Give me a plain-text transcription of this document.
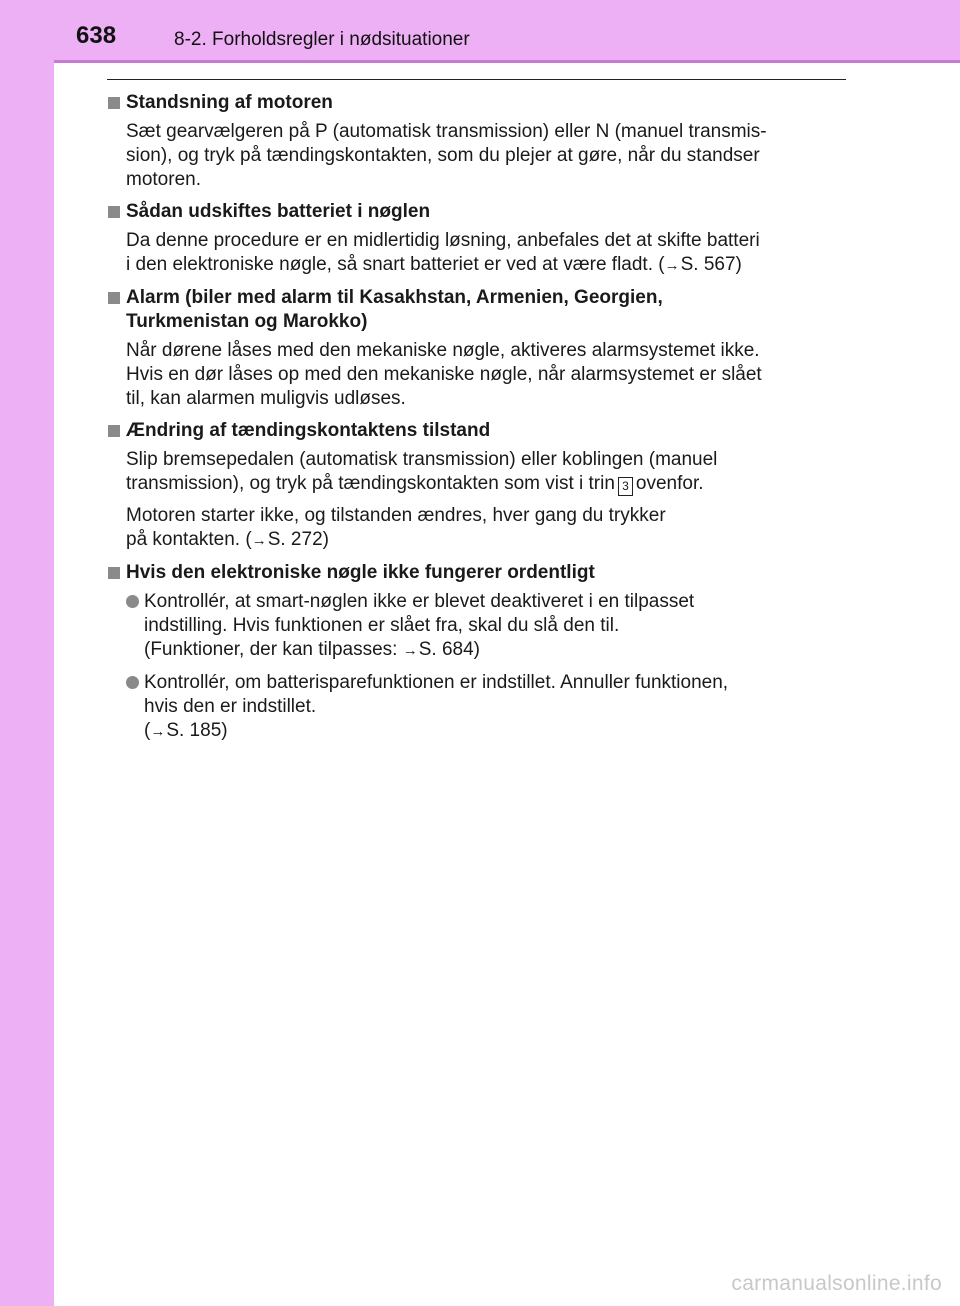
638	8-2. Forholdsregler i nødsituationer
Standsning af motoren
Sæt gearvælgeren på P (automatisk transmission) eller N (manuel transmis-
sion), og tryk på tændingskontakten, som du plejer at gøre, når du standser
motoren.
Sådan udskiftes batteriet i nøglen
Da denne procedure er en midlertidig løsning, anbefales det at skifte batteri
i den elektroniske nøgle, så snart batteriet er ved at være fladt. (→S. 567)
Alarm (biler med alarm til Kasakhstan, Armenien, Georgien,
Turkmenistan og Marokko)
Når dørene låses med den mekaniske nøgle, aktiveres alarmsystemet ikke.
Hvis en dør låses op med den mekaniske nøgle, når alarmsystemet er slået
til, kan alarmen muligvis udløses.
Ændring af tændingskontaktens tilstand
Slip bremsepedalen (automatisk transmission) eller koblingen (manuel
transmission), og tryk på tændingskontakten som vist i trin 3 ovenfor.
Motoren starter ikke, og tilstanden ændres, hver gang du trykker
på kontakten. (→S. 272)
Hvis den elektroniske nøgle ikke fungerer ordentligt
Kontrollér, at smart-nøglen ikke er blevet deaktiveret i en tilpasset
indstilling. Hvis funktionen er slået fra, skal du slå den til.
(Funktioner, der kan tilpasses: →S. 684)
Kontrollér, om batterisparefunktionen er indstillet. Annuller funktionen,
hvis den er indstillet.
(→S. 185)
carmanualsonline.info
